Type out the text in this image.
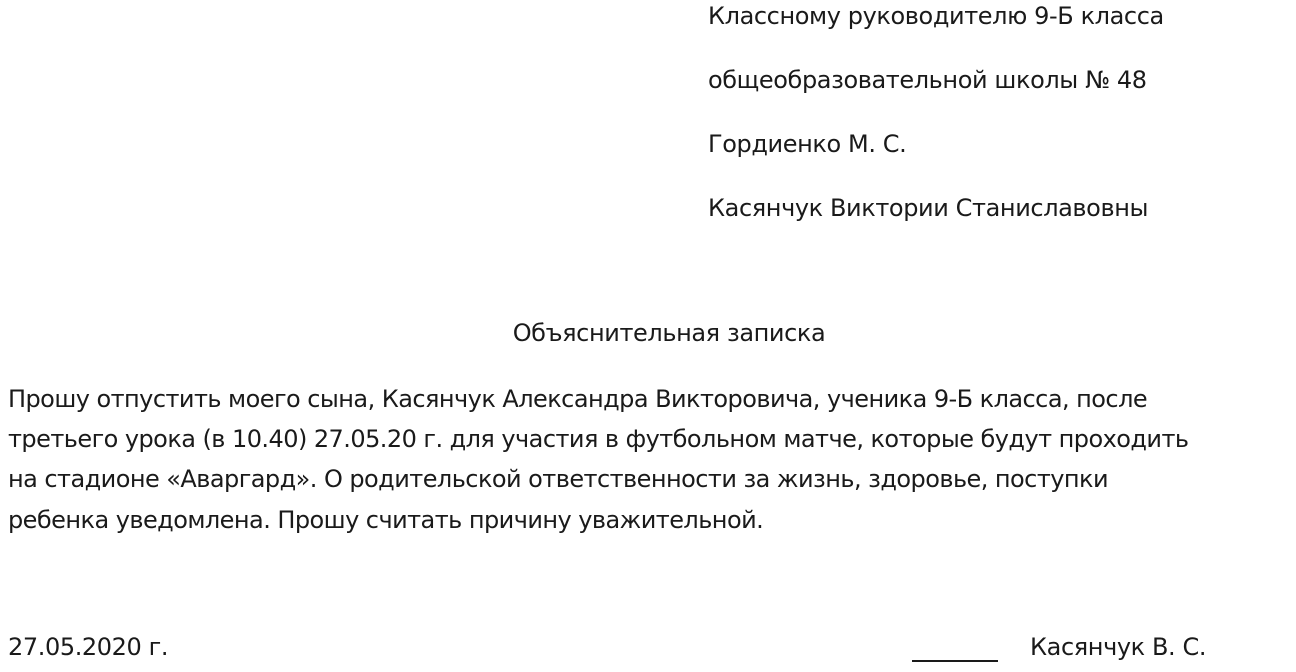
Классному руководителю 9-Б класса
общеобразовательной школы № 48
Гордиенко М. С.
Касянчук Виктории Станиславовны
Объяснительная записка
Прошу отпустить моего сына, Касянчук Александра Викторовича, ученика 9-Б класса, после
третьего урока (в 10.40) 27.05.20 г. для участия в футбольном матче, которые будут проходить
на стадионе «Аваргард». О родительской ответственности за жизнь, здоровье, поступки
ребенка уведомлена. Прошу считать причину уважительной.
27.05.2020 г.	Касянчук В. С.
